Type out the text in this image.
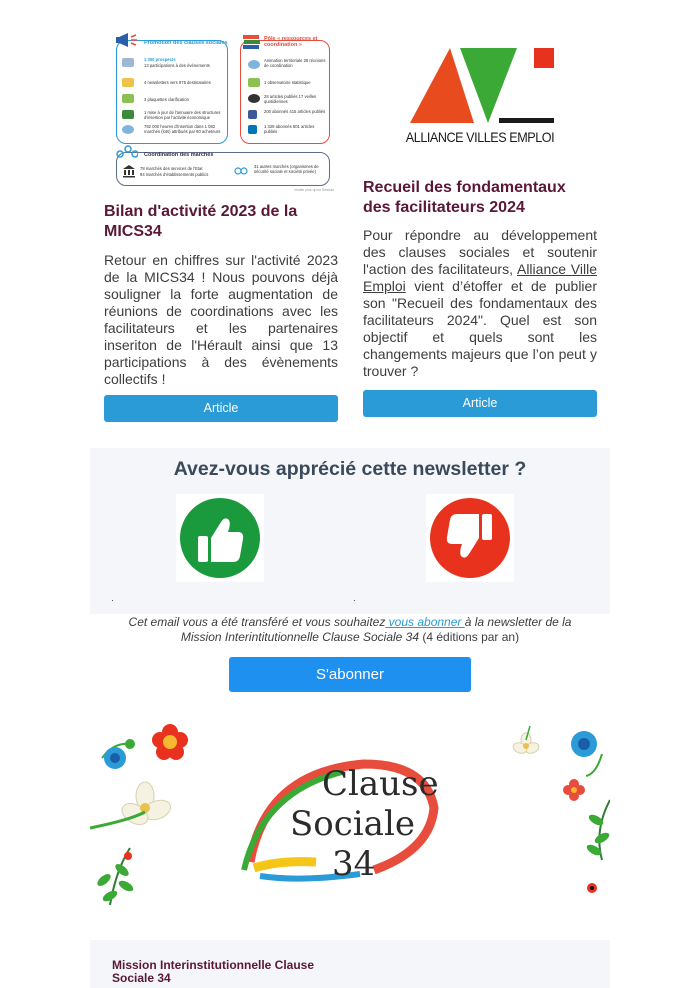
Promotion des clauses sociales
1 300 prospects
13 participations à des événements
4 newsletters vers 975 destinataires
3 plaquettes clarification
1 mise à jour de l'annuaire des structures d'insertion par l'activité économique
792 000 heures d'insertion dans 1 082 marchés (lots) attribués par 60 acheteurs
Pôle « ressources et coordination »
Animation territoriale 28 réunions de coordination
1 observatoire statistique
28 articles publiés 17 veilles quotidiennes
200 abonnés 415 articles publiés
1 329 abonnés 501 articles publiés
Coordination des marchés
78 marchés des services de l'Etat
94 marchés d'établissements publics
31 autres marchés (organismes de sécurité sociale et société privée)
Visible plus qu'un Réseau
Bilan d'activité 2023 de la MICS34
Retour en chiffres sur l'activité 2023 de la MICS34 ! Nous pouvons déjà souligner la forte augmentation de réunions de coordinations avec les facilitateurs et les partenaires inseriton de l'Hérault ainsi que 13 participations à des évènements collectifs !
Article
ALLIANCE VILLES EMPLOI
Recueil des fondamentaux des facilitateurs 2024
Pour répondre au développement des clauses sociales et soutenir l'action des facilitateurs, Alliance Ville Emploi vient d’étoffer et de publier son "Recueil des fondamentaux des facilitateurs 2024". Quel est son objectif et quels sont les changements majeurs que l’on peut y trouver ?
Article
Avez-vous apprécié cette newsletter ?
Cet email vous a été transféré et vous souhaitez vous abonner à la newsletter de la Mission Interintitutionnelle Clause Sociale 34 (4 éditions par an)
S'abonner
Clause
Sociale
34
Mission Interinstitutionnelle Clause Sociale 34
